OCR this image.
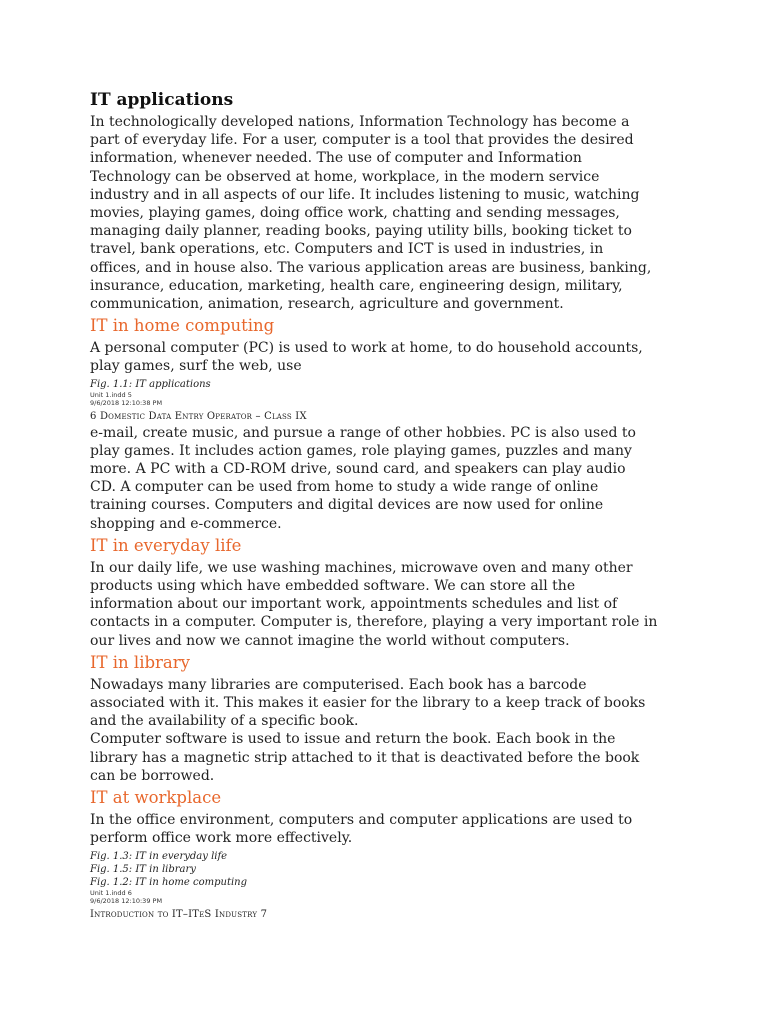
IT applications
In technologically developed nations, Information Technology has become a
part of everyday life. For a user, computer is a tool that provides the desired
information, whenever needed. The use of computer and Information
Technology can be observed at home, workplace, in the modern service
industry and in all aspects of our life. It includes listening to music, watching
movies, playing games, doing office work, chatting and sending messages,
managing daily planner, reading books, paying utility bills, booking ticket to
travel, bank operations, etc. Computers and ICT is used in industries, in
offices, and in house also. The various application areas are business, banking,
insurance, education, marketing, health care, engineering design, military,
communication, animation, research, agriculture and government.
IT in home computing
A personal computer (PC) is used to work at home, to do household accounts,
play games, surf the web, use
Fig. 1.1: IT applications
Unit 1.indd 5
9/6/2018 12:10:38 PM
6 Domestic Data Entry Operator – Class IX
e-mail, create music, and pursue a range of other hobbies. PC is also used to
play games. It includes action games, role playing games, puzzles and many
more. A PC with a CD-ROM drive, sound card, and speakers can play audio
CD. A computer can be used from home to study a wide range of online
training courses. Computers and digital devices are now used for online
shopping and e-commerce.
IT in everyday life
In our daily life, we use washing machines, microwave oven and many other
products using which have embedded software. We can store all the
information about our important work, appointments schedules and list of
contacts in a computer. Computer is, therefore, playing a very important role in
our lives and now we cannot imagine the world without computers.
IT in library
Nowadays many libraries are computerised. Each book has a barcode
associated with it. This makes it easier for the library to a keep track of books
and the availability of a specific book.
Computer software is used to issue and return the book. Each book in the
library has a magnetic strip attached to it that is deactivated before the book
can be borrowed.
IT at workplace
In the office environment, computers and computer applications are used to
perform office work more effectively.
Fig. 1.3: IT in everyday life
Fig. 1.5: IT in library
Fig. 1.2: IT in home computing
Unit 1.indd 6
9/6/2018 12:10:39 PM
Introduction to IT–ITeS Industry 7
